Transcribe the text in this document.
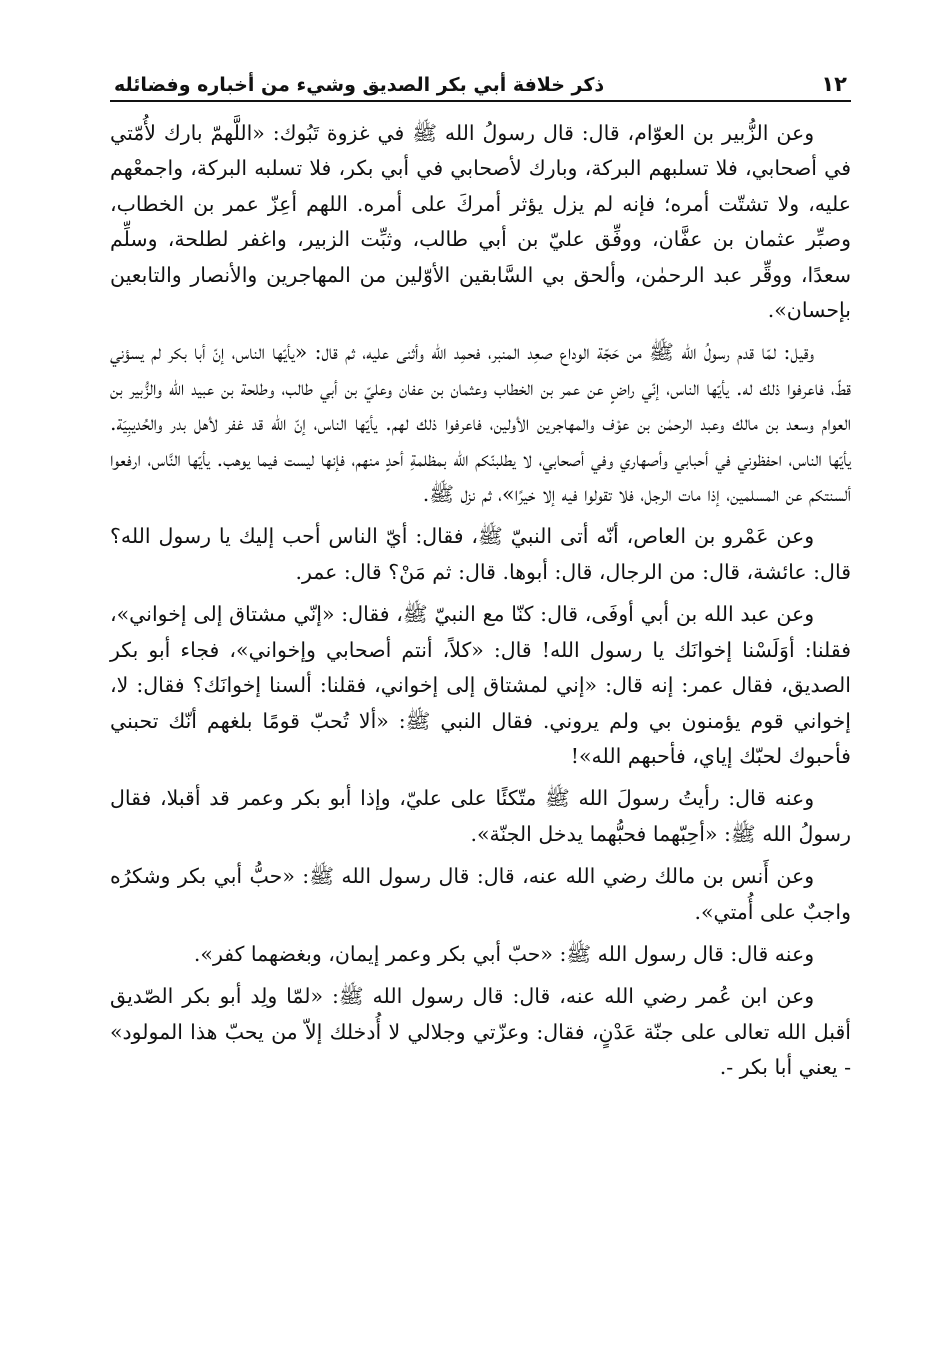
١٢
ذكر خلافة أبي بكر الصديق وشيء من أخباره وفضائله

وعن الزُّبير بن العوّام، قال: قال رسولُ الله ﷺ في غزوة تَبُوك: «اللَّهمّ بارك لأُمّتي في أصحابي، فلا تسلبهم البركة، وبارك لأصحابي في أبي بكر، فلا تسلبه البركة، واجمعْهم عليه، ولا تشتّت أمره؛ فإنه لم يزل يؤثر أمركَ على أمره. اللهم أعِزّ عمر بن الخطاب، وصبِّر عثمان بن عفَّان، ووفِّق عليّ بن أبي طالب، وثبِّت الزبير، واغفر لطلحة، وسلِّم سعدًا، ووقِّر عبد الرحمٰن، وألحق بي السَّابقين الأوّلين من المهاجرين والأنصار والتابعين بإحسان».

وقيل: لمّا قدم رسولُ الله ﷺ من حَجّة الوداع صعِد المنبر، فحمِد الله وأثنى عليه، ثم قال: «يأيّها الناس، إنّ أبا بكر لم يسؤني قطّ، فاعرفوا ذلك له. يأيّها الناس، إنّي راضٍ عن عمر بن الخطاب وعثمان بن عفان وعليّ بن أبي طالب، وطلحة بن عبيد الله والزُّبير بن العوام وسعد بن مالك وعبد الرحمٰن بن عوْف والمهاجرين الأولين، فاعرفوا ذلك لهم. يأيّها الناس، إنّ الله قد غفر لأهل بدر والحُديبِيَة. يأيّها الناس، احفظوني في أحبابي وأصهاري وفي أصحابي، لا يطلبنّكم الله بمظلمةِ أحدٍ منهم، فإنها ليست فيما يوهب. يأيّها النَّاس، ارفعوا ألسنتكم عن المسلمين، إذا مات الرجل، فلا تقولوا فيه إلا خيرًا»، ثم نزل ﷺ.

وعن عَمْرو بن العاص، أنّه أتى النبيّ ﷺ، فقال: أيّ الناس أحب إليك يا رسول الله؟ قال: عائشة، قال: من الرجال، قال: أبوها. قال: ثم مَنْ؟ قال: عمر.

وعن عبد الله بن أبي أوفَى، قال: كنّا مع النبيّ ﷺ، فقال: «إنّي مشتاق إلى إخواني»، فقلنا: أوَلَسْنا إخوانَك يا رسول الله! قال: «كلاً، أنتم أصحابي وإخواني»، فجاء أبو بكر الصديق، فقال عمر: إنه قال: «إني لمشتاق إلى إخواني، فقلنا: ألسنا إخوانَك؟ فقال: لا، إخواني قوم يؤمنون بي ولم يروني. فقال النبي ﷺ: «ألا تُحبّ قومًا بلغهم أنّك تحبني فأحبوك لحبّك إياي، فأحبهم الله»!

وعنه قال: رأيتُ رسولَ الله ﷺ متّكئًا على عليّ، وإذا أبو بكر وعمر قد أقبلا، فقال رسولُ الله ﷺ: «أحِبّهما فحبُّهما يدخل الجنّة».

وعن أَنس بن مالك رضي الله عنه، قال: قال رسول الله ﷺ: «حبُّ أبي بكر وشكرُه واجبٌ على أُمتي».

وعنه قال: قال رسول الله ﷺ: «حبّ أبي بكر وعمر إيمان، وبغضهما كفر».

وعن ابن عُمر رضي الله عنه، قال: قال رسول الله ﷺ: «لمّا ولِد أبو بكر الصّديق أقبل الله تعالى على جنّة عَدْنٍ، فقال: وعزّتي وجلالي لا أُدخلك إلاّ من يحبّ هذا المولود» - يعني أبا بكر -.
